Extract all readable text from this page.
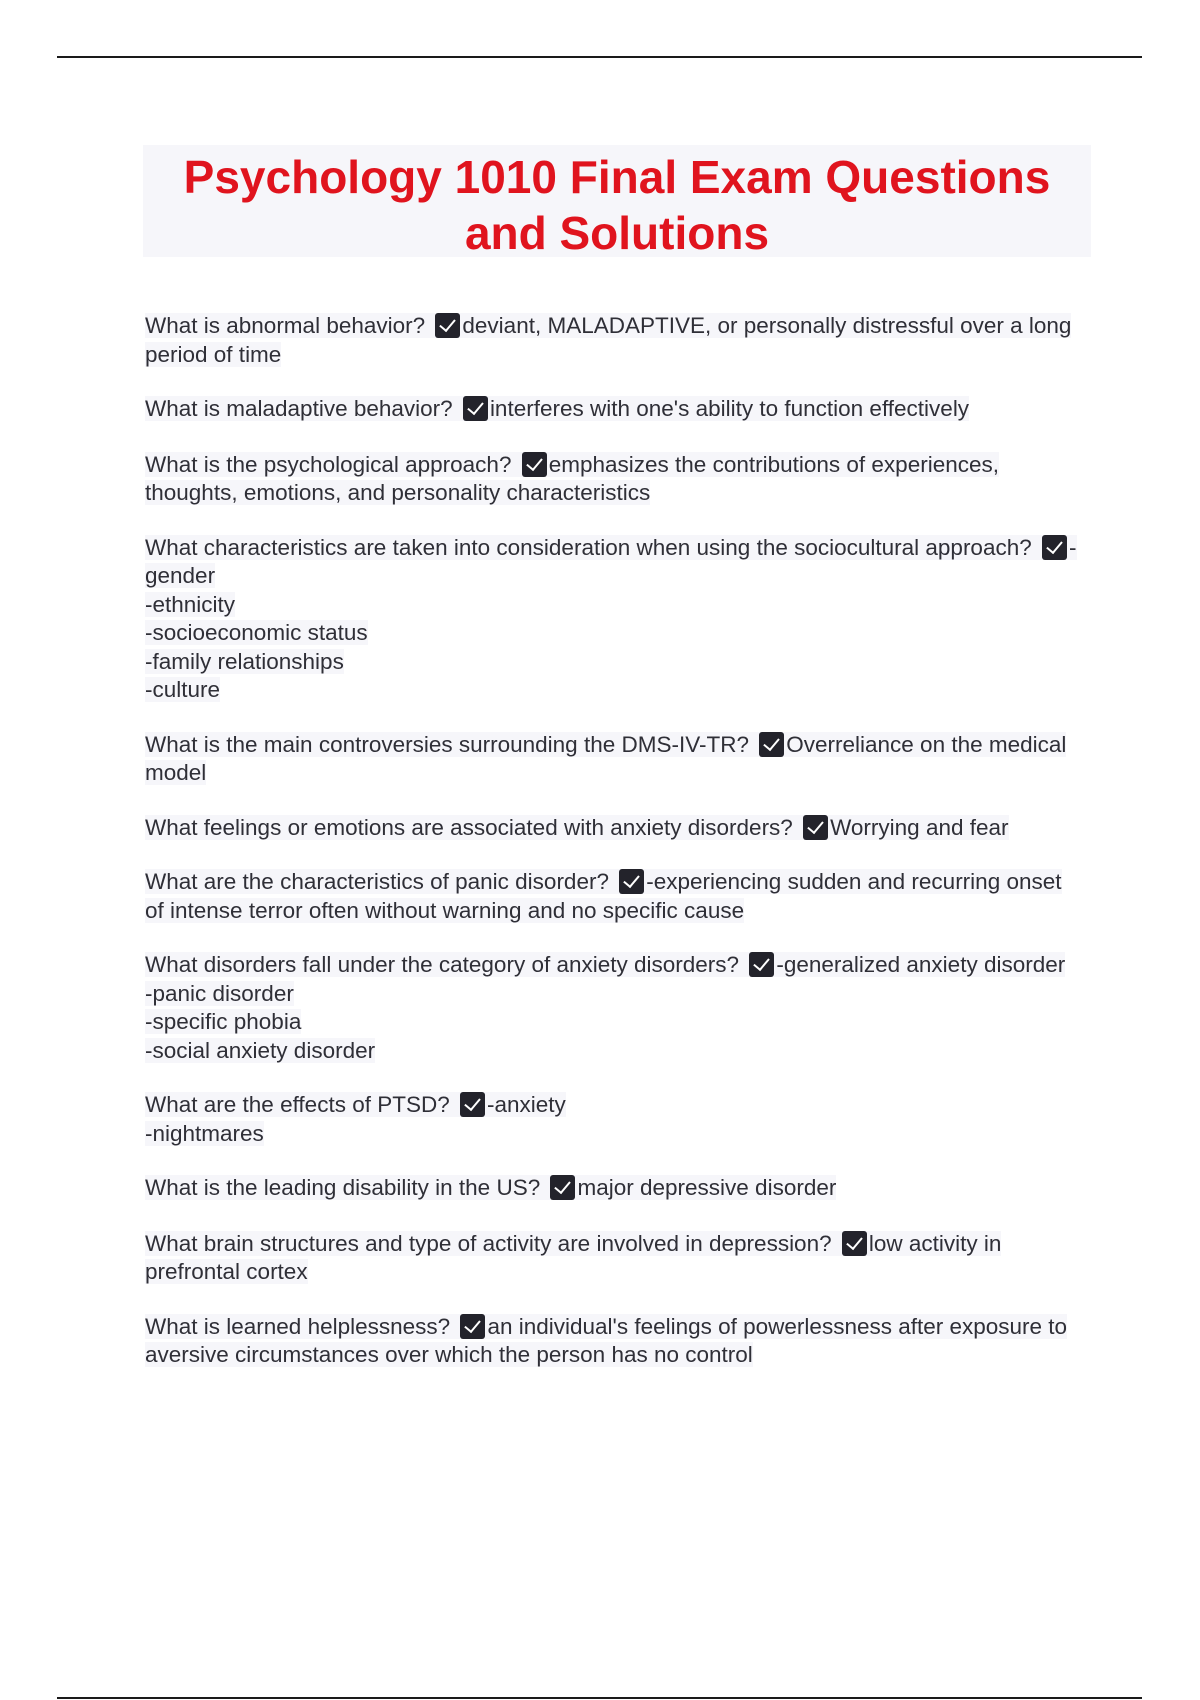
Psychology 1010 Final Exam Questions and Solutions
What is abnormal behavior? deviant, MALADAPTIVE, or personally distressful over a long period of time
What is maladaptive behavior? interferes with one's ability to function effectively
What is the psychological approach? emphasizes the contributions of experiences, thoughts, emotions, and personality characteristics
What characteristics are taken into consideration when using the sociocultural approach? -gender
-ethnicity
-socioeconomic status
-family relationships
-culture
What is the main controversies surrounding the DMS-IV-TR? Overreliance on the medical model
What feelings or emotions are associated with anxiety disorders? Worrying and fear
What are the characteristics of panic disorder? -experiencing sudden and recurring onset of intense terror often without warning and no specific cause
What disorders fall under the category of anxiety disorders? -generalized anxiety disorder
-panic disorder
-specific phobia
-social anxiety disorder
What are the effects of PTSD? -anxiety
-nightmares
What is the leading disability in the US? major depressive disorder
What brain structures and type of activity are involved in depression? low activity in prefrontal cortex
What is learned helplessness? an individual's feelings of powerlessness after exposure to aversive circumstances over which the person has no control
